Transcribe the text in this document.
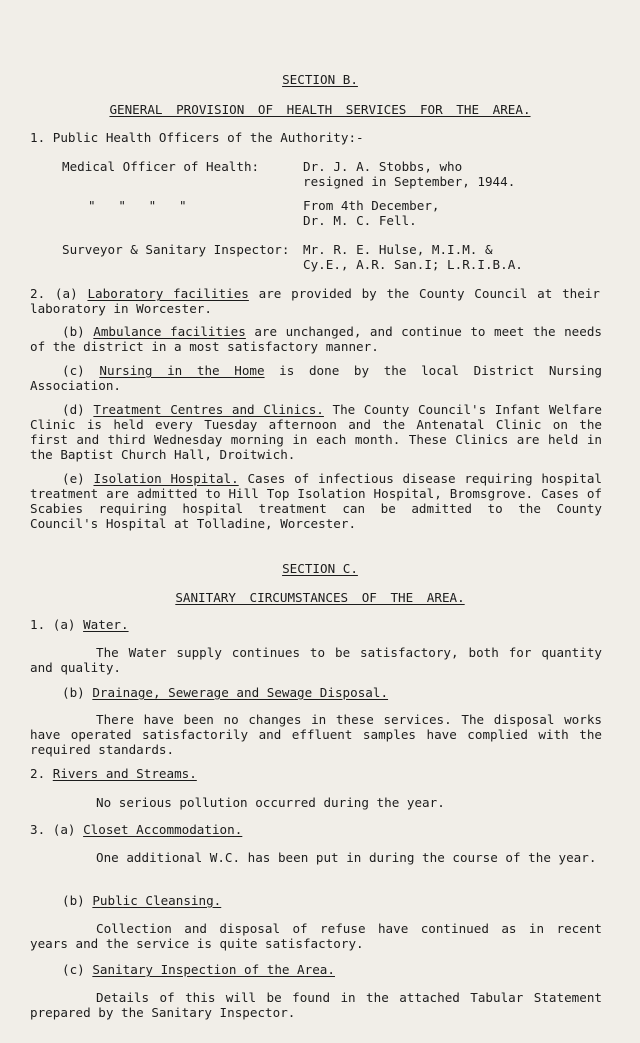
SECTION B.
GENERAL PROVISION OF HEALTH SERVICES FOR THE AREA.
1. Public Health Officers of the Authority:-
Medical Officer of Health:	Dr. J. A. Stobbs, who
resigned in September, 1944.
"   "   "   "	From 4th December,
Dr. M. C. Fell.
Surveyor & Sanitary Inspector: Mr. R. E. Hulse, M.I.M. &
Cy.E., A.R. San.I; L.R.I.B.A.
2. (a) Laboratory facilities are provided by the County Council at their laboratory in Worcester.
(b) Ambulance facilities are unchanged, and continue to meet the needs of the district in a most satisfactory manner.
(c) Nursing in the Home is done by the local District Nursing Association.
(d) Treatment Centres and Clinics. The County Council's Infant Welfare Clinic is held every Tuesday afternoon and the Antenatal Clinic on the first and third Wednesday morning in each month. These Clinics are held in the Baptist Church Hall, Droitwich.
(e) Isolation Hospital. Cases of infectious disease requiring hospital treatment are admitted to Hill Top Isolation Hospital, Bromsgrove. Cases of Scabies requiring hospital treatment can be admitted to the County Council's Hospital at Tolladine, Worcester.
SECTION C.
SANITARY CIRCUMSTANCES OF THE AREA.
1. (a) Water.
The Water supply continues to be satisfactory, both for quantity and quality.
(b) Drainage, Sewerage and Sewage Disposal.
There have been no changes in these services. The disposal works have operated satisfactorily and effluent samples have complied with the required standards.
2. Rivers and Streams.
No serious pollution occurred during the year.
3. (a) Closet Accommodation.
One additional W.C. has been put in during the course of the year.
(b) Public Cleansing.
Collection and disposal of refuse have continued as in recent years and the service is quite satisfactory.
(c) Sanitary Inspection of the Area.
Details of this will be found in the attached Tabular Statement prepared by the Sanitary Inspector.
